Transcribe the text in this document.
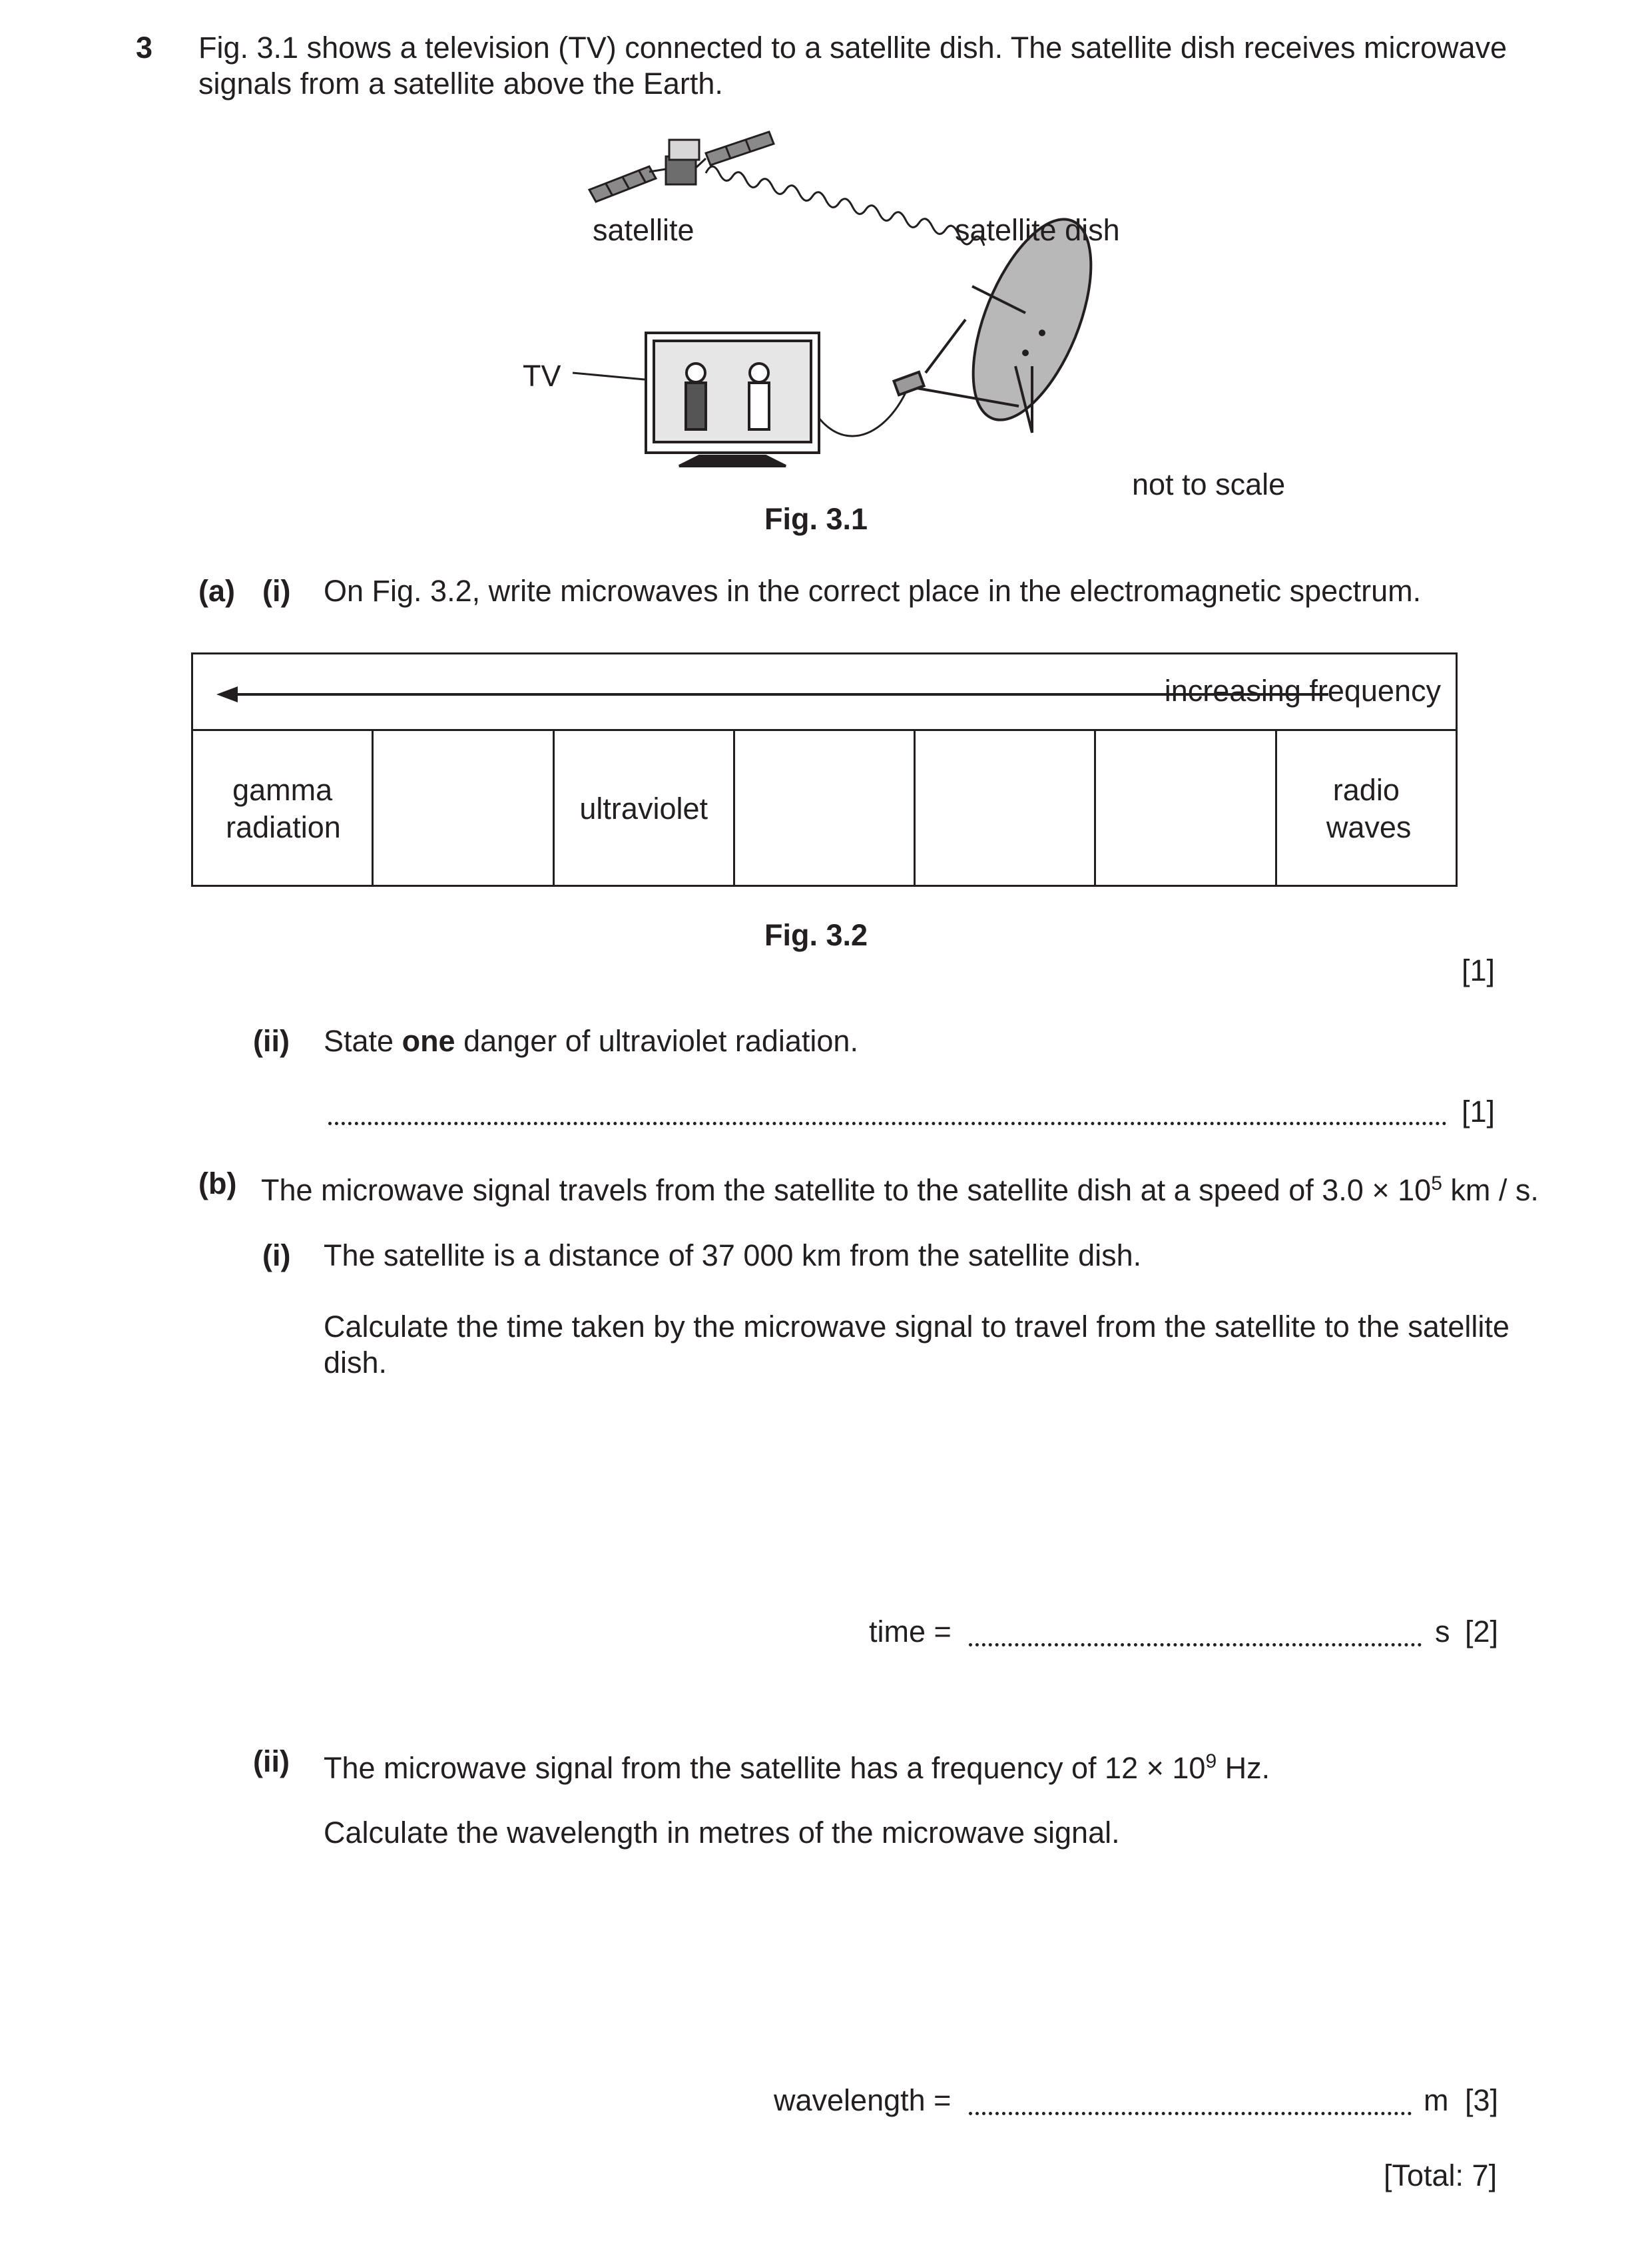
3 Fig. 3.1 shows a television (TV) connected to a satellite dish. The satellite dish receives microwave
signals from a satellite above the Earth.
satellite	satellite dish
TV
not to scale
Fig. 3.1
(a) (i) On Fig. 3.2, write microwaves in the correct place in the electromagnetic spectrum.
increasing frequency
gamma radiation
ultraviolet
radio waves
Fig. 3.2
[1]
(ii) State one danger of ultraviolet radiation.
[1]
(b) The microwave signal travels from the satellite to the satellite dish at a speed of $3.0 \times 10^5$ km / s.
(i) The satellite is a distance of 37 000 km from the satellite dish.
Calculate the time taken by the microwave signal to travel from the satellite to the satellite
dish.
time =	s [2]
(ii) The microwave signal from the satellite has a frequency of $12 \times 10^9$ Hz.
Calculate the wavelength in metres of the microwave signal.
wavelength =	m [3]
[Total: 7]
